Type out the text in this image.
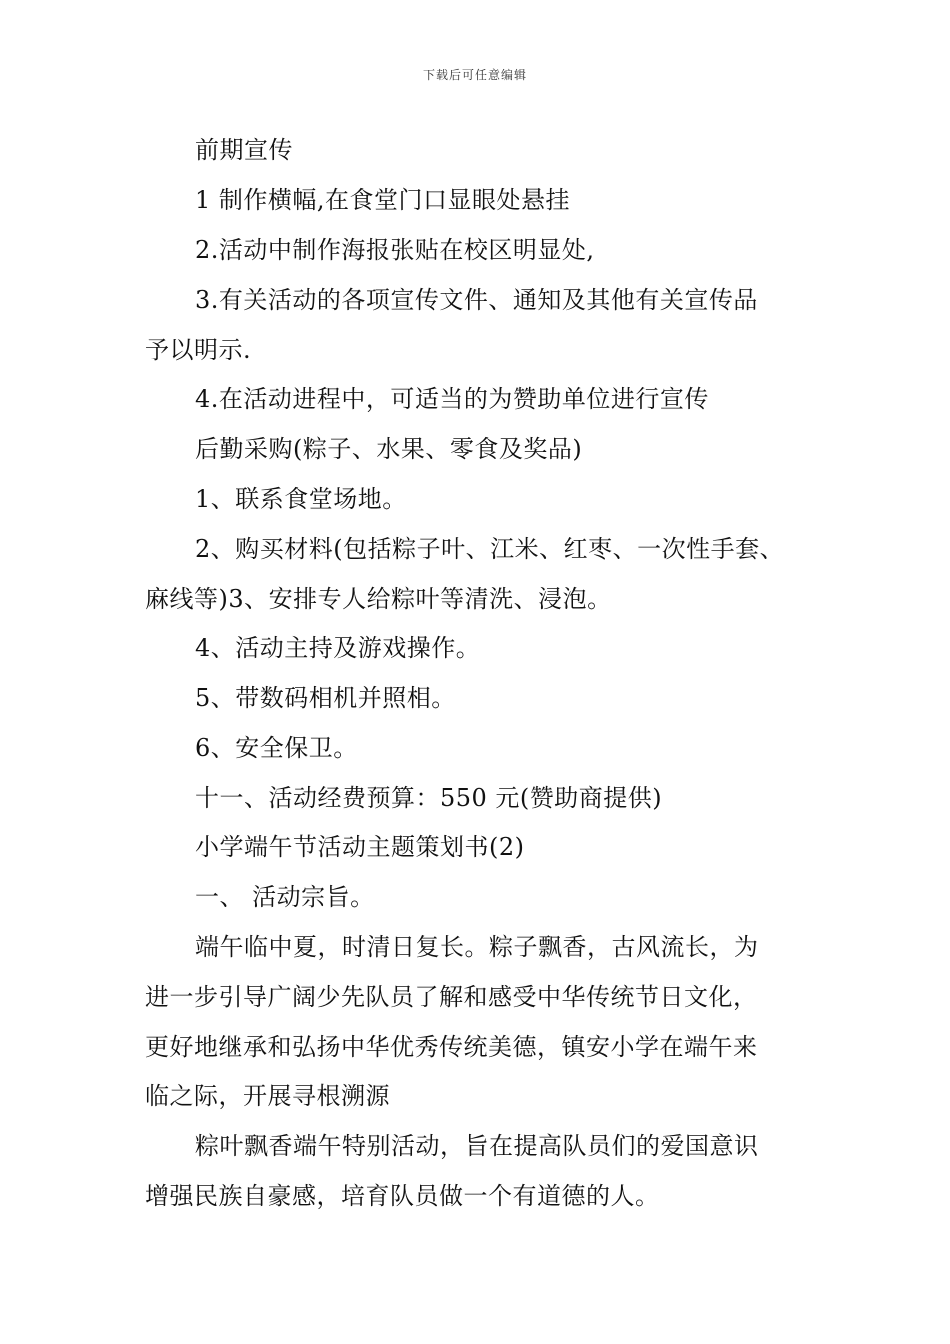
下载后可任意编辑
前期宣传
1 制作横幅,在食堂门口显眼处悬挂
2.活动中制作海报张贴在校区明显处,
3.有关活动的各项宣传文件、通知及其他有关宣传品
予以明示.
4.在活动进程中，可适当的为赞助单位进行宣传
后勤采购(粽子、水果、零食及奖品)
1、联系食堂场地。
2、购买材料(包括粽子叶、江米、红枣、一次性手套、
麻线等)3、安排专人给粽叶等清洗、浸泡。
4、活动主持及游戏操作。
5、带数码相机并照相。
6、安全保卫。
十一、活动经费预算：550 元(赞助商提供)
小学端午节活动主题策划书(2)
一、 活动宗旨。
端午临中夏，时清日复长。粽子飘香，古风流长，为
进一步引导广阔少先队员了解和感受中华传统节日文化，
更好地继承和弘扬中华优秀传统美德，镇安小学在端午来
临之际，开展寻根溯源
粽叶飘香端午特别活动，旨在提高队员们的爱国意识
增强民族自豪感，培育队员做一个有道德的人。
